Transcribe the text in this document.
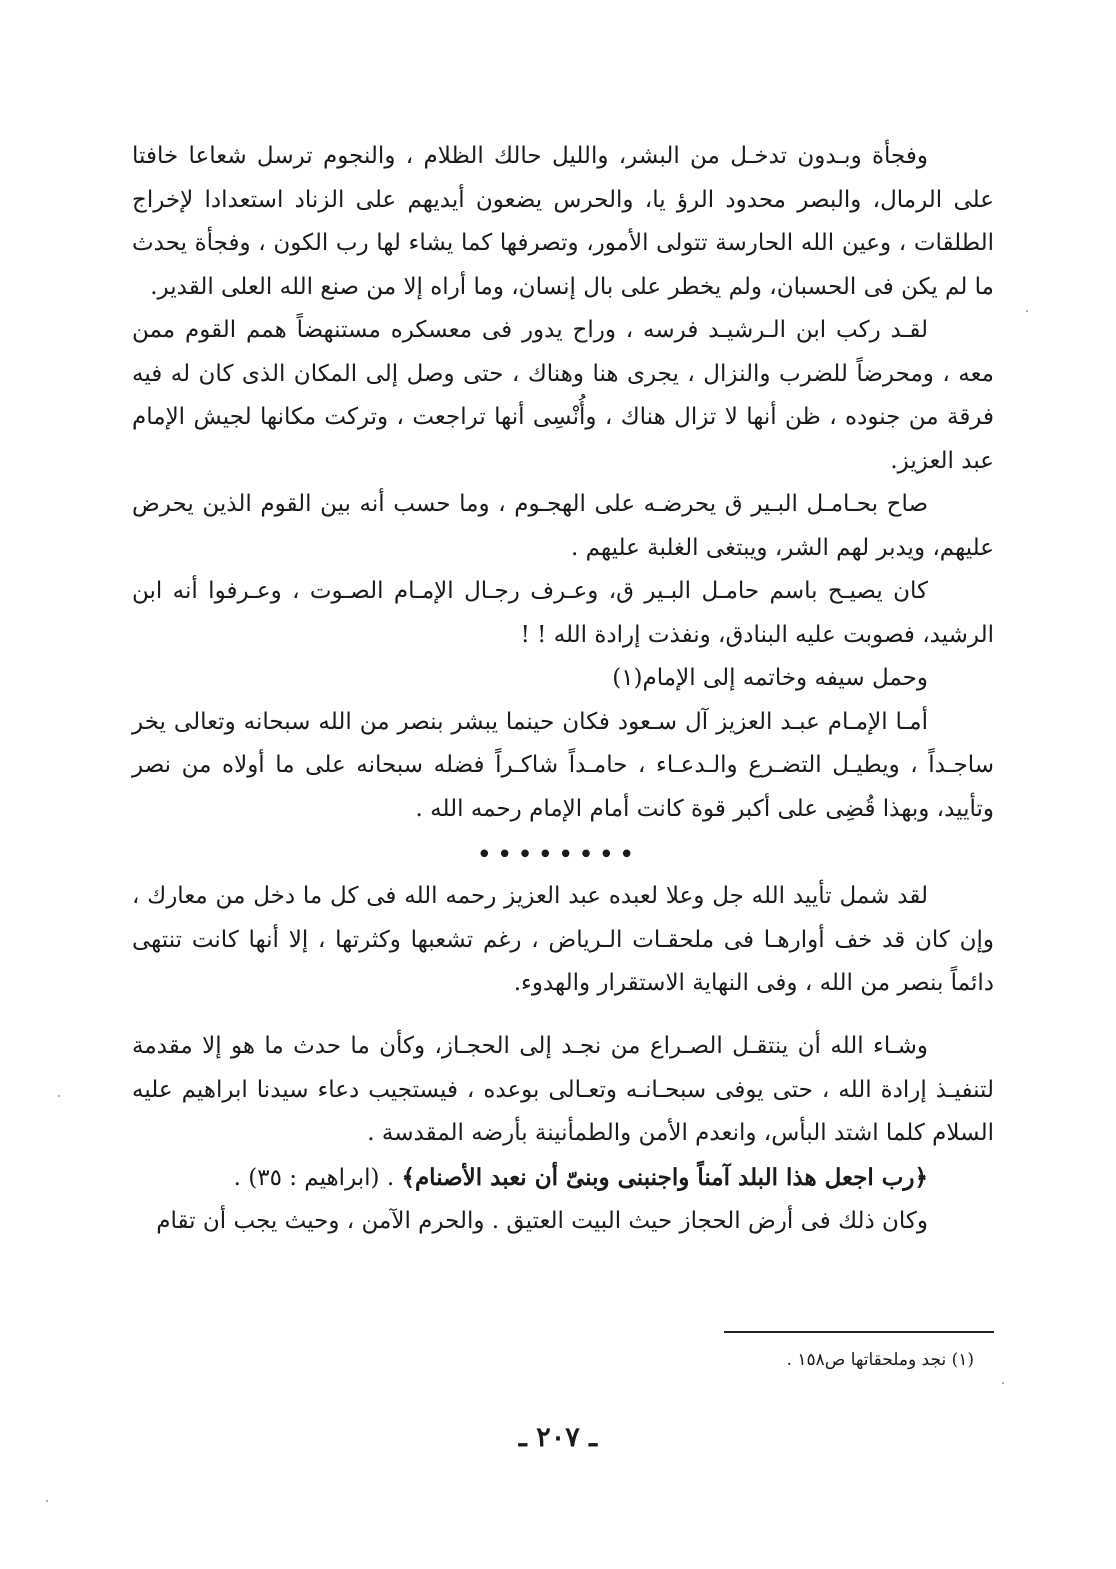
وفجأة وبـدون تدخـل من البشر، والليل حالك الظلام ، والنجوم ترسل شعاعا خافتا على الرمال، والبصر محدود الرؤ يا، والحرس يضعون أيديهم على الزناد استعدادا لإخراج الطلقات ، وعين الله الحارسة تتولى الأمور، وتصرفها كما يشاء لها رب الكون ، وفجأة يحدث ما لم يكن فى الحسبان، ولم يخطر على بال إنسان، وما أراه إلا من صنع الله العلى القدير.

لقـد ركب ابن الـرشيـد فرسه ، وراح يدور فى معسكره مستنهضاً همم القوم ممن معه ، ومحرضاً للضرب والنزال ، يجرى هنا وهناك ، حتى وصل إلى المكان الذى كان له فيه فرقة من جنوده ، ظن أنها لا تزال هناك ، وأُنْسِى أنها تراجعت ، وتركت مكانها لجيش الإمام عبد العزيز.

صاح بحـامـل البـير ق يحرضـه على الهجـوم ، وما حسب أنه بين القوم الذين يحرض عليهم، ويدبر لهم الشر، ويبتغى الغلبة عليهم .

كان يصيـح باسم حامـل البـير ق، وعـرف رجـال الإمـام الصـوت ، وعـرفوا أنه ابن الرشيد، فصوبت عليه البنادق، ونفذت إرادة الله ! !

وحمل سيفه وخاتمه إلى الإمام(١)

أمـا الإمـام عبـد العزيز آل سـعود فكان حينما يبشر بنصر من الله سبحانه وتعالى يخر ساجـداً ، ويطيـل التضـرع والـدعـاء ، حامـداً شاكـراً فضله سبحانه على ما أولاه من نصر وتأييد، وبهذا قُضِى على أكبر قوة كانت أمام الإمام رحمه الله .

••••••••

لقد شمل تأييد الله جل وعلا لعبده عبد العزيز رحمه الله فى كل ما دخل من معارك ، وإن كان قد خف أوارهـا فى ملحقـات الـرياض ، رغم تشعبها وكثرتها ، إلا أنها كانت تنتهى دائماً بنصر من الله ، وفى النهاية الاستقرار والهدوء.

وشـاء الله أن ينتقـل الصـراع من نجـد إلى الحجـاز، وكأن ما حدث ما هو إلا مقدمة لتنفيـذ إرادة الله ، حتى يوفى سبحـانـه وتعـالى بوعده ، فيستجيب دعاء سيدنا ابراهيم عليه السلام كلما اشتد البأس، وانعدم الأمن والطمأنينة بأرضه المقدسة .

﴿رب اجعل هذا البلد آمناً واجنبنى وبنىّ أن نعبد الأصنام﴾ . (ابراهيم : ٣٥) .

وكان ذلك فى أرض الحجاز حيث البيت العتيق . والحرم الآمن ، وحيث يجب أن تقام

(١) نجد وملحقاتها ص١٥٨ .
ـ ٢٠٧ ـ
